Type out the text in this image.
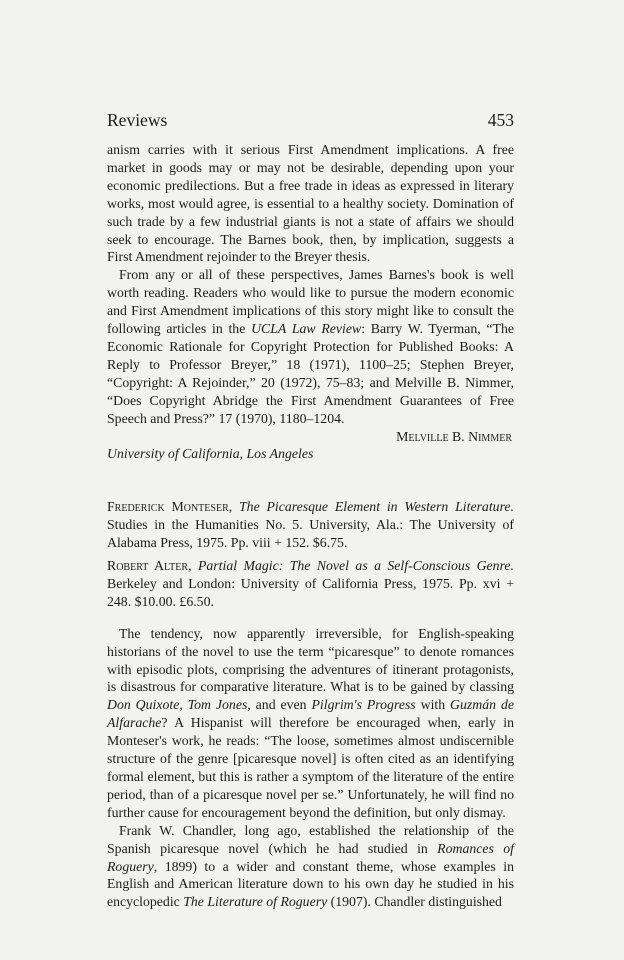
Reviews	453

anism carries with it serious First Amendment implications. A free market in goods may or may not be desirable, depending upon your economic predilections. But a free trade in ideas as expressed in literary works, most would agree, is essential to a healthy society. Domination of such trade by a few industrial giants is not a state of affairs we should seek to encourage. The Barnes book, then, by implication, suggests a First Amendment rejoinder to the Breyer thesis.

From any or all of these perspectives, James Barnes's book is well worth reading. Readers who would like to pursue the modern economic and First Amendment implications of this story might like to consult the following articles in the UCLA Law Review: Barry W. Tyerman, “The Economic Rationale for Copyright Protection for Published Books: A Reply to Professor Breyer,” 18 (1971), 1100–25; Stephen Breyer, “Copyright: A Rejoinder,” 20 (1972), 75–83; and Melville B. Nimmer, “Does Copyright Abridge the First Amendment Guarantees of Free Speech and Press?” 17 (1970), 1180–1204.

Melville B. Nimmer

University of California, Los Angeles

Frederick Monteser, The Picaresque Element in Western Literature. Studies in the Humanities No. 5. University, Ala.: The University of Alabama Press, 1975. Pp. viii + 152. $6.75.

Robert Alter, Partial Magic: The Novel as a Self-Conscious Genre. Berkeley and London: University of California Press, 1975. Pp. xvi + 248. $10.00. £6.50.

The tendency, now apparently irreversible, for English-speaking historians of the novel to use the term “picaresque” to denote romances with episodic plots, comprising the adventures of itinerant protagonists, is disastrous for comparative literature. What is to be gained by classing Don Quixote, Tom Jones, and even Pilgrim's Progress with Guzmán de Alfarache? A Hispanist will therefore be encouraged when, early in Monteser's work, he reads: “The loose, sometimes almost undiscernible structure of the genre [picaresque novel] is often cited as an identifying formal element, but this is rather a symptom of the literature of the entire period, than of a picaresque novel per se.” Unfortunately, he will find no further cause for encouragement beyond the definition, but only dismay.

Frank W. Chandler, long ago, established the relationship of the Spanish picaresque novel (which he had studied in Romances of Roguery, 1899) to a wider and constant theme, whose examples in English and American literature down to his own day he studied in his encyclopedic The Literature of Roguery (1907). Chandler distinguished
